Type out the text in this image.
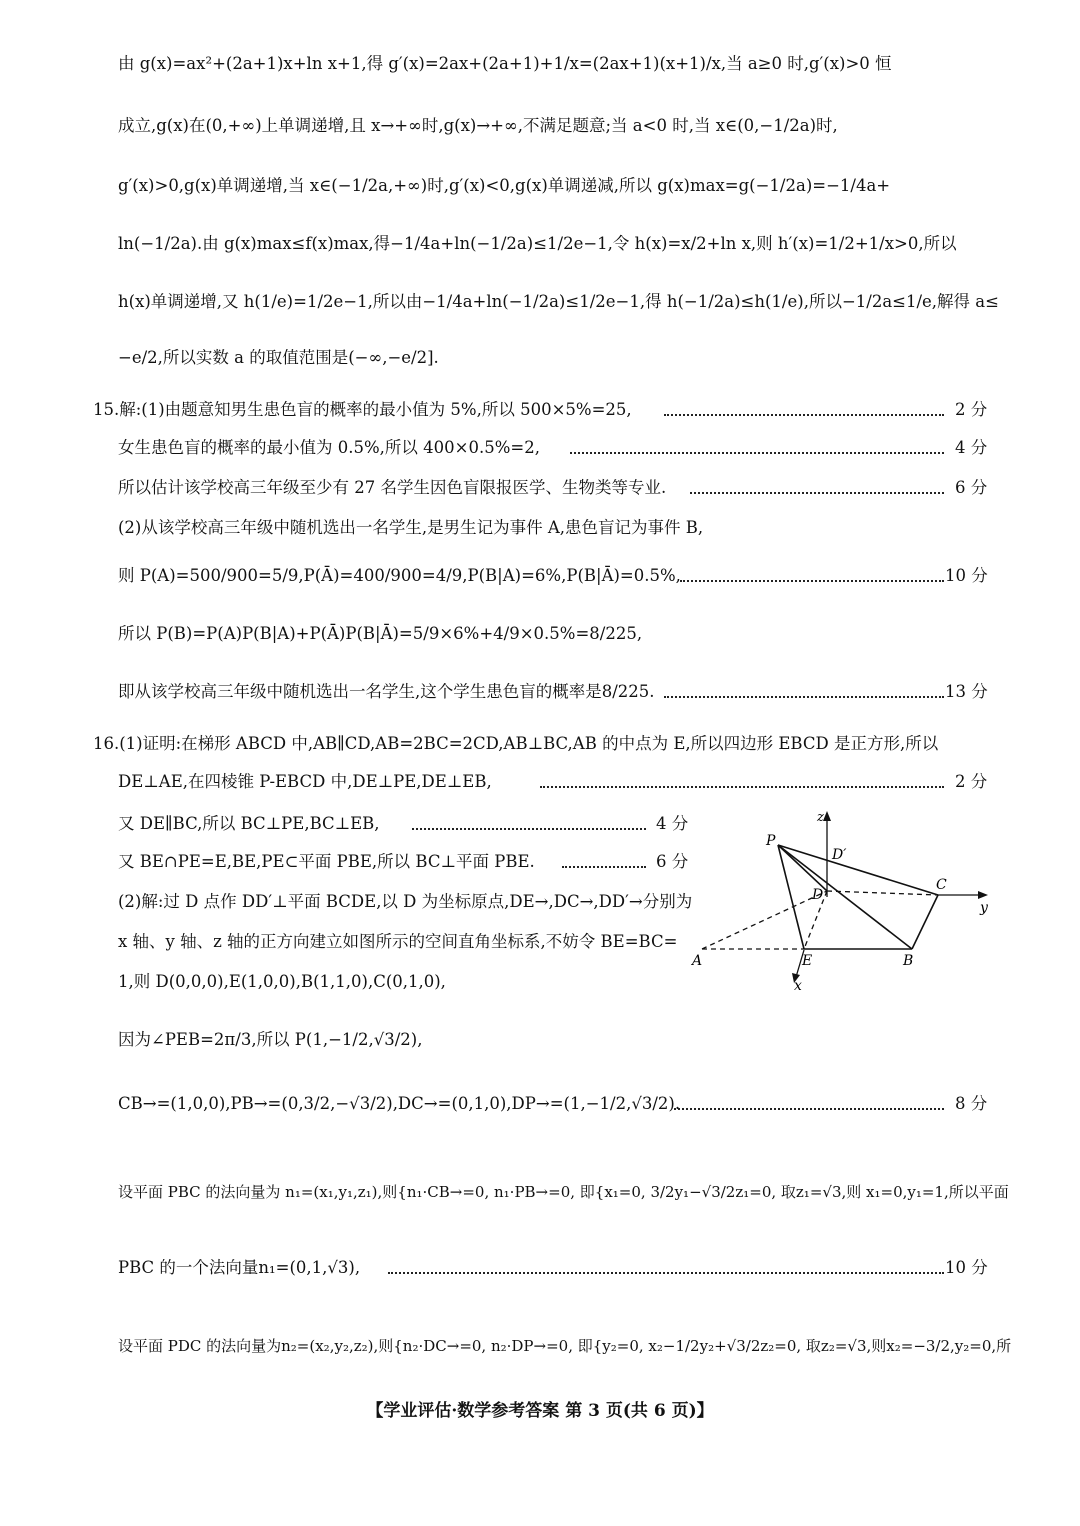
由 g(x)=ax²+(2a+1)x+ln x+1,得 g′(x)=2ax+(2a+1)+1/x=(2ax+1)(x+1)/x,当 a≥0 时,g′(x)>0 恒
成立,g(x)在(0,+∞)上单调递增,且 x→+∞时,g(x)→+∞,不满足题意;当 a<0 时,当 x∈(0,−1/2a)时,
g′(x)>0,g(x)单调递增,当 x∈(−1/2a,+∞)时,g′(x)<0,g(x)单调递减,所以 g(x)max=g(−1/2a)=−1/4a+
ln(−1/2a).由 g(x)max≤f(x)max,得−1/4a+ln(−1/2a)≤1/2e−1,令 h(x)=x/2+ln x,则 h′(x)=1/2+1/x>0,所以
h(x)单调递增,又 h(1/e)=1/2e−1,所以由−1/4a+ln(−1/2a)≤1/2e−1,得 h(−1/2a)≤h(1/e),所以−1/2a≤1/e,解得 a≤
−e/2,所以实数 a 的取值范围是(−∞,−e/2].
15.解:(1)由题意知男生患色盲的概率的最小值为 5%,所以 500×5%=25,	2 分
女生患色盲的概率的最小值为 0.5%,所以 400×0.5%=2,	4 分
所以估计该学校高三年级至少有 27 名学生因色盲限报医学、生物类等专业.	6 分
(2)从该学校高三年级中随机选出一名学生,是男生记为事件 A,患色盲记为事件 B,
则 P(A)=500/900=5/9,P(Ā)=400/900=4/9,P(B|A)=6%,P(B|Ā)=0.5%,	10 分
所以 P(B)=P(A)P(B|A)+P(Ā)P(B|Ā)=5/9×6%+4/9×0.5%=8/225,
即从该学校高三年级中随机选出一名学生,这个学生患色盲的概率是8/225.	13 分
16.(1)证明:在梯形 ABCD 中,AB∥CD,AB=2BC=2CD,AB⊥BC,AB 的中点为 E,所以四边形 EBCD 是正方形,所以
DE⊥AE,在四棱锥 P-EBCD 中,DE⊥PE,DE⊥EB,	2 分
又 DE∥BC,所以 BC⊥PE,BC⊥EB,	4 分
又 BE∩PE=E,BE,PE⊂平面 PBE,所以 BC⊥平面 PBE.	6 分
(2)解:过 D 点作 DD′⊥平面 BCDE,以 D 为坐标原点,DE→,DC→,DD′→分别为
x 轴、y 轴、z 轴的正方向建立如图所示的空间直角坐标系,不妨令 BE=BC=
1,则 D(0,0,0),E(1,0,0),B(1,1,0),C(0,1,0),
因为∠PEB=2π/3,所以 P(1,−1/2,√3/2),
CB→=(1,0,0),PB→=(0,3/2,−√3/2),DC→=(0,1,0),DP→=(1,−1/2,√3/2).	8 分
设平面 PBC 的法向量为 n₁=(x₁,y₁,z₁),则{n₁·CB→=0, n₁·PB→=0, 即{x₁=0, 3/2y₁−√3/2z₁=0, 取z₁=√3,则 x₁=0,y₁=1,所以平面
PBC 的一个法向量n₁=(0,1,√3),	10 分
设平面 PDC 的法向量为n₂=(x₂,y₂,z₂),则{n₂·DC→=0, n₂·DP→=0, 即{y₂=0, x₂−1/2y₂+√3/2z₂=0, 取z₂=√3,则x₂=−3/2,y₂=0,所
z
D′
P
D
C
y
A	E	B
x
【学业评估·数学参考答案 第 3 页(共 6 页)】
